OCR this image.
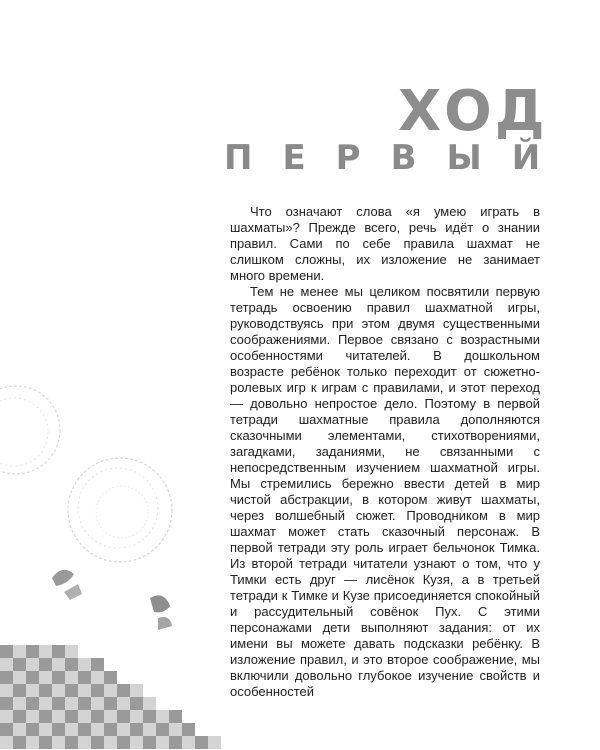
ХОД
ПЕРВЫЙ

Что означают слова «я умею играть в шахматы»? Прежде всего, речь идёт о знании правил. Сами по себе правила шахмат не слишком сложны, их изложение не занимает много времени.

Тем не менее мы целиком посвятили первую тетрадь освоению правил шахматной игры, руководствуясь при этом двумя существенными соображениями. Первое связано с возрастными особенностями читателей. В дошкольном возрасте ребёнок только переходит от сюжетно-ролевых игр к играм с правилами, и этот переход — довольно непростое дело. Поэтому в первой тетради шахматные правила дополняются сказочными элементами, стихотворениями, загадками, заданиями, не связанными с непосредственным изучением шахматной игры. Мы стремились бережно ввести детей в мир чистой абстракции, в котором живут шахматы, через волшебный сюжет. Проводником в мир шахмат может стать сказочный персонаж. В первой тетради эту роль играет бельчонок Тимка. Из второй тетради читатели узнают о том, что у Тимки есть друг — лисёнок Кузя, а в третьей тетради к Тимке и Кузе присоединяется спокойный и рассудительный совёнок Пух. С этими персонажами дети выполняют задания: от их имени вы можете давать подсказки ребёнку. В изложение правил, и это второе соображение, мы включили довольно глубокое изучение свойств и особенностей
